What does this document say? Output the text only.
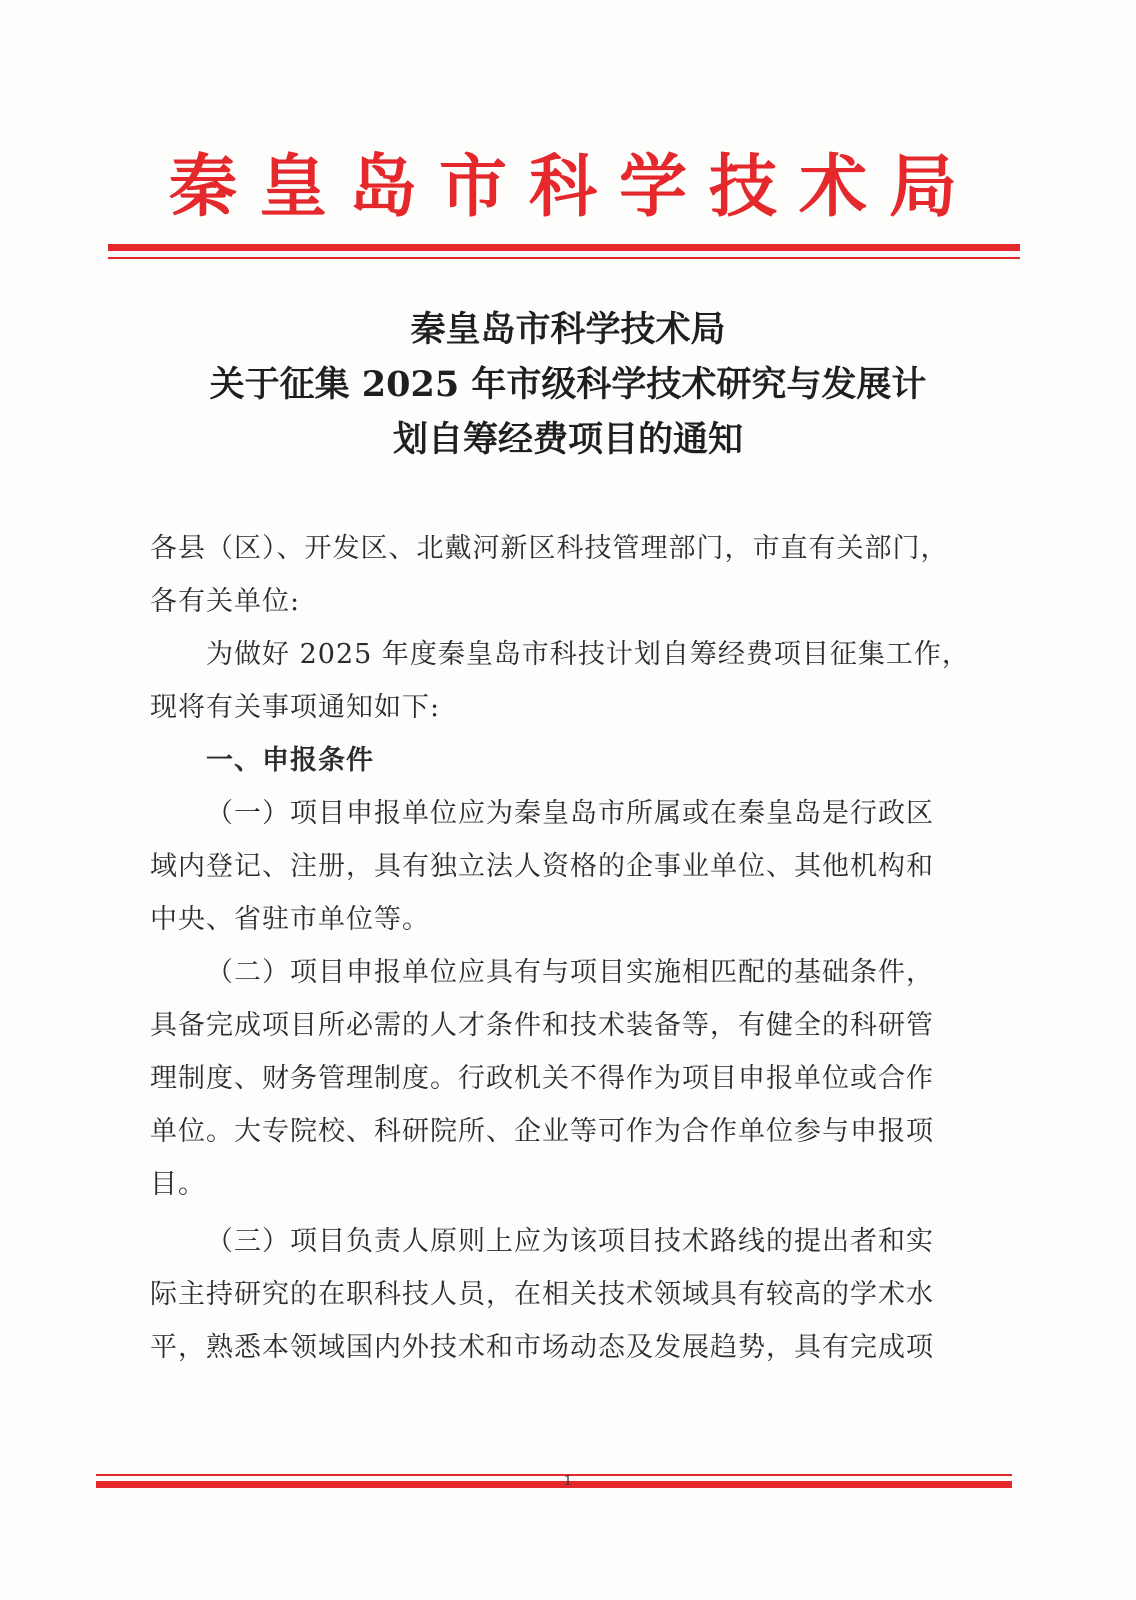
秦皇岛市科学技术局
秦皇岛市科学技术局
关于征集 2025 年市级科学技术研究与发展计
划自筹经费项目的通知

各县（区）、开发区、北戴河新区科技管理部门，市直有关部门，

各有关单位:

为做好 2025 年度秦皇岛市科技计划自筹经费项目征集工作，

现将有关事项通知如下:

一、申报条件

（一）项目申报单位应为秦皇岛市所属或在秦皇岛是行政区

域内登记、注册，具有独立法人资格的企事业单位、其他机构和

中央、省驻市单位等。

（二）项目申报单位应具有与项目实施相匹配的基础条件，

具备完成项目所必需的人才条件和技术装备等，有健全的科研管

理制度、财务管理制度。行政机关不得作为项目申报单位或合作

单位。大专院校、科研院所、企业等可作为合作单位参与申报项

目。

（三）项目负责人原则上应为该项目技术路线的提出者和实

际主持研究的在职科技人员，在相关技术领域具有较高的学术水

平，熟悉本领域国内外技术和市场动态及发展趋势，具有完成项

1
